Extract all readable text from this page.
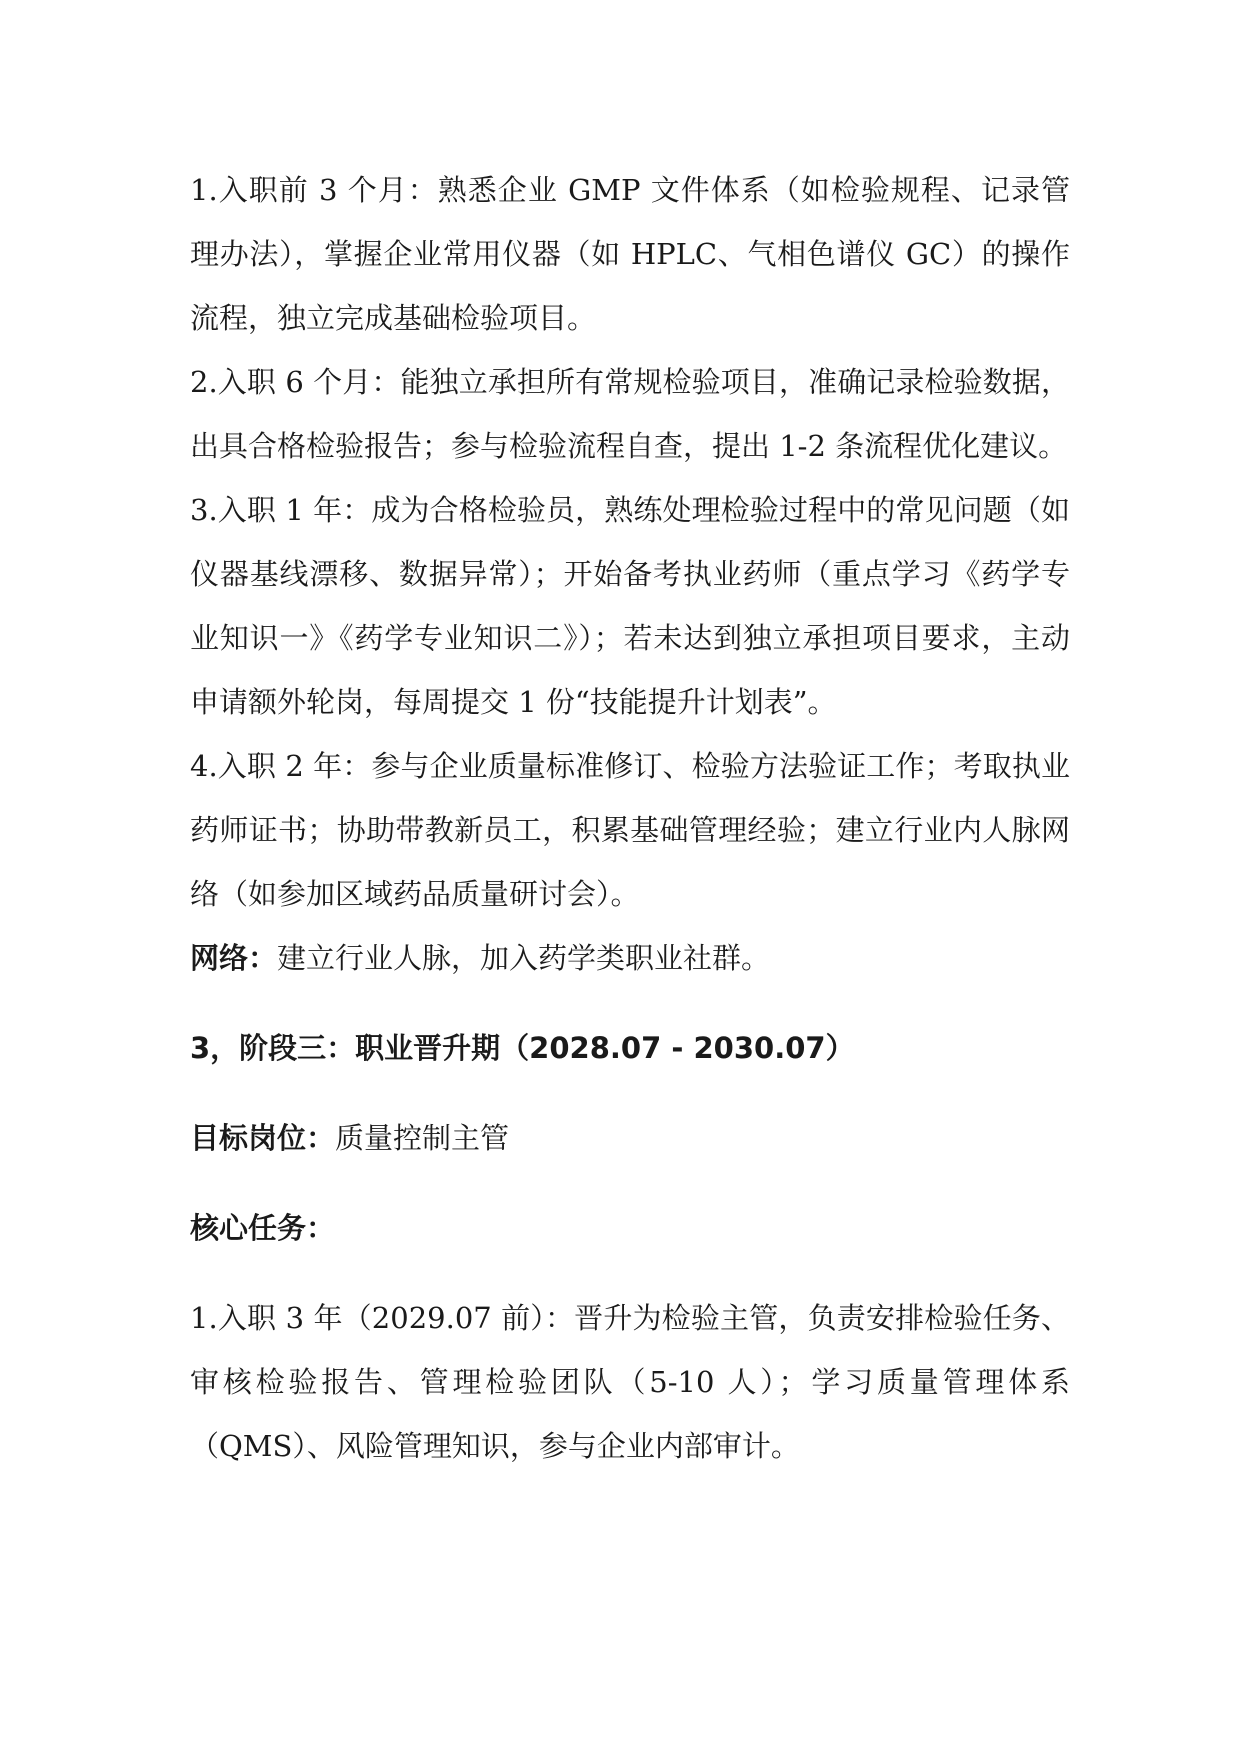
1.入职前 3 个月：熟悉企业 GMP 文件体系（如检验规程、记录管理办法），掌握企业常用仪器（如 HPLC、气相色谱仪 GC）的操作流程，独立完成基础检验项目。

2.入职 6 个月：能独立承担所有常规检验项目，准确记录检验数据，出具合格检验报告；参与检验流程自查，提出 1-2 条流程优化建议。

3.入职 1 年：成为合格检验员，熟练处理检验过程中的常见问题（如仪器基线漂移、数据异常）；开始备考执业药师（重点学习《药学专业知识一》《药学专业知识二》）；若未达到独立承担项目要求，主动申请额外轮岗，每周提交 1 份“技能提升计划表”。

4.入职 2 年：参与企业质量标准修订、检验方法验证工作；考取执业药师证书；协助带教新员工，积累基础管理经验；建立行业内人脉网络（如参加区域药品质量研讨会）。

网络：建立行业人脉，加入药学类职业社群。

3，阶段三：职业晋升期（2028.07 - 2030.07）

目标岗位：质量控制主管

核心任务：

1.入职 3 年（2029.07 前）：晋升为检验主管，负责安排检验任务、审核检验报告、管理检验团队（5-10 人）；学习质量管理体系（QMS）、风险管理知识，参与企业内部审计。
